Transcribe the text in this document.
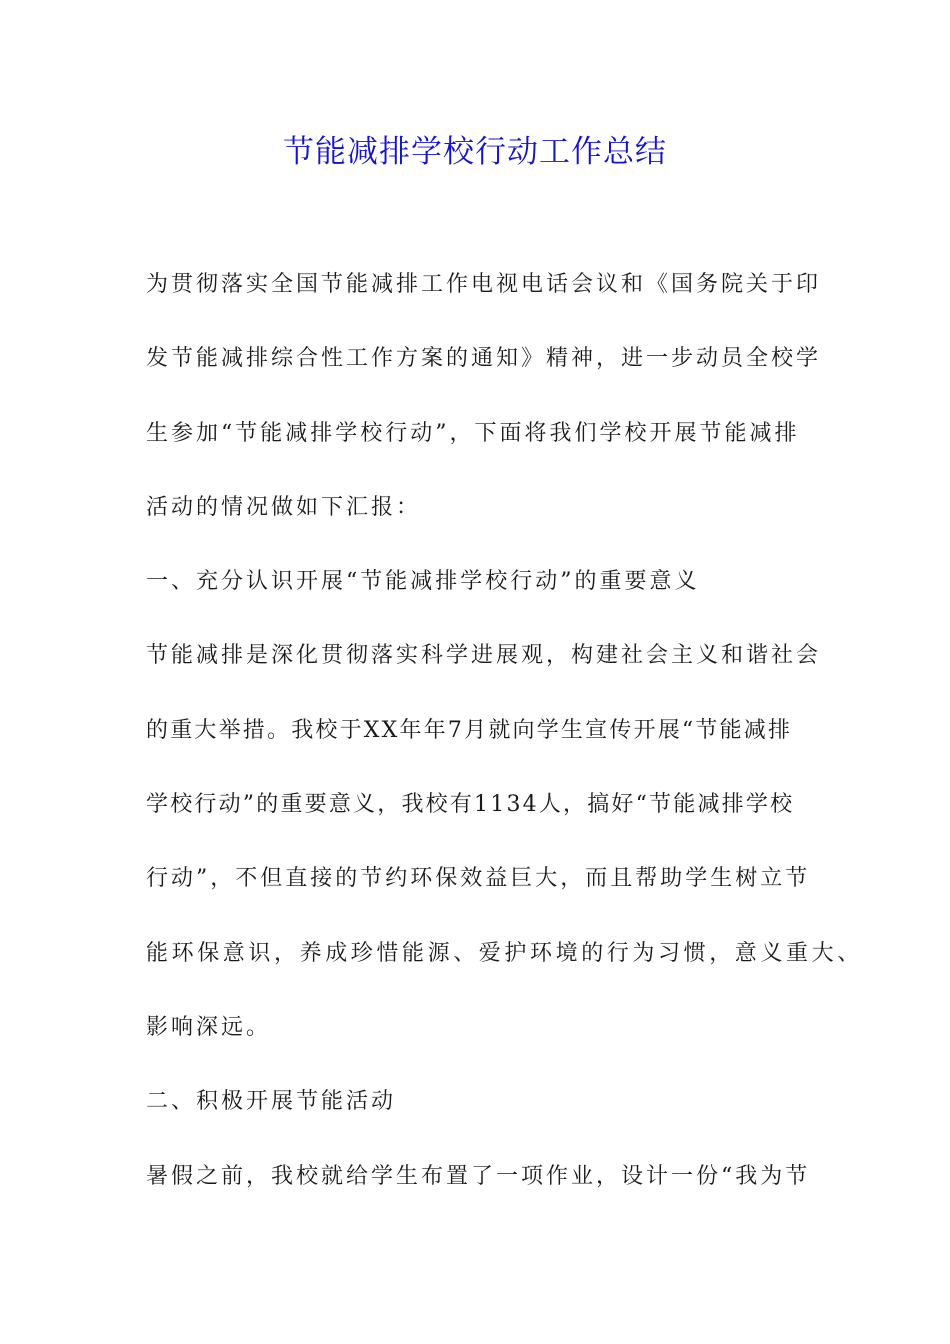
节能减排学校行动工作总结
为贯彻落实全国节能减排工作电视电话会议和《国务院关于印
发节能减排综合性工作方案的通知》精神，进一步动员全校学
生参加“节能减排学校行动”，下面将我们学校开展节能减排
活动的情况做如下汇报：
一、充分认识开展“节能减排学校行动”的重要意义
节能减排是深化贯彻落实科学进展观，构建社会主义和谐社会
的重大举措。我校于XX年年7月就向学生宣传开展“节能减排
学校行动”的重要意义，我校有1134人，搞好“节能减排学校
行动”，不但直接的节约环保效益巨大，而且帮助学生树立节
能环保意识，养成珍惜能源、爱护环境的行为习惯，意义重大、
影响深远。
二、积极开展节能活动
暑假之前，我校就给学生布置了一项作业，设计一份“我为节
